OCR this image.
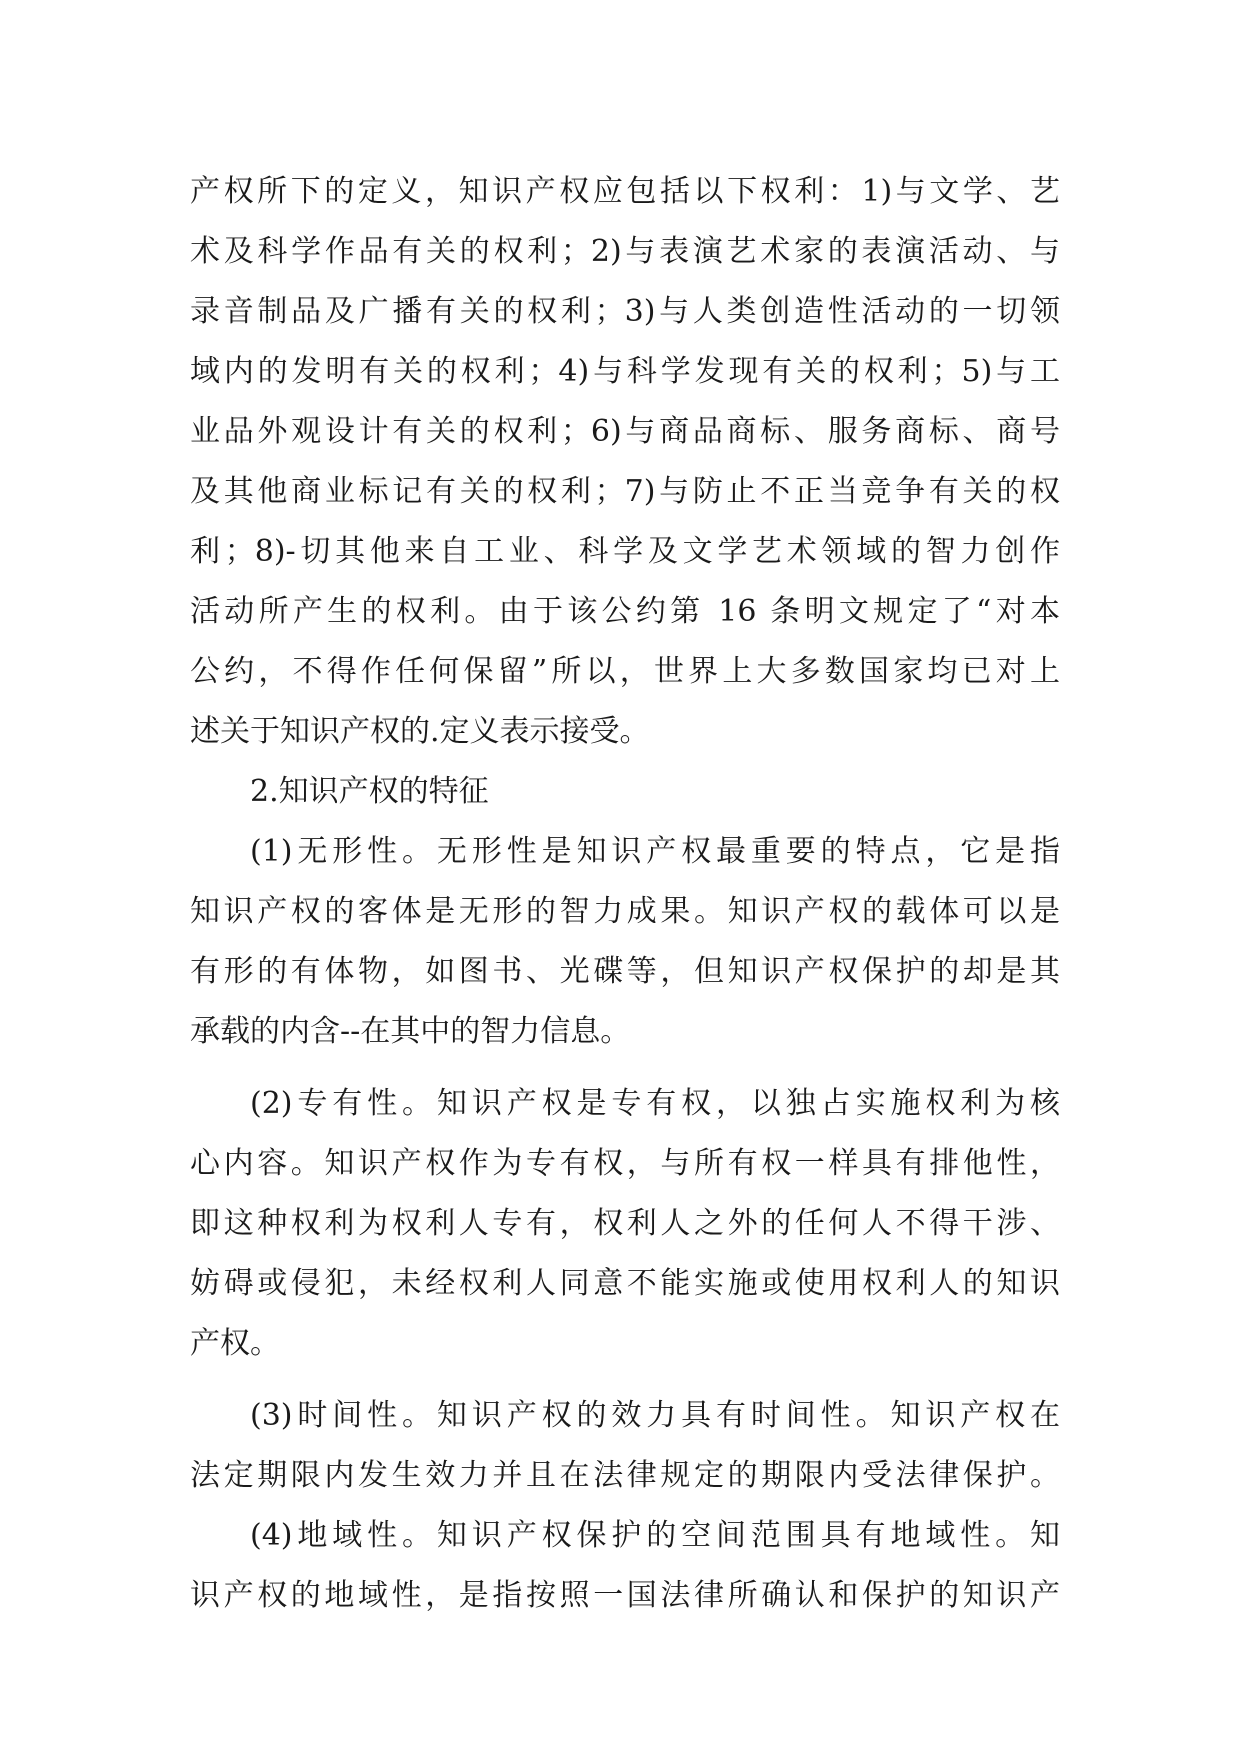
产权所下的定义，知识产权应包括以下权利：1)与文学、艺
术及科学作品有关的权利；2)与表演艺术家的表演活动、与
录音制品及广播有关的权利；3)与人类创造性活动的一切领
域内的发明有关的权利；4)与科学发现有关的权利；5)与工
业品外观设计有关的权利；6)与商品商标、服务商标、商号
及其他商业标记有关的权利；7)与防止不正当竞争有关的权
利；8)-切其他来自工业、科学及文学艺术领域的智力创作
活动所产生的权利。由于该公约第 16 条明文规定了“对本
公约，不得作任何保留”所以，世界上大多数国家均已对上
述关于知识产权的.定义表示接受。
2.知识产权的特征
(1)无形性。无形性是知识产权最重要的特点，它是指
知识产权的客体是无形的智力成果。知识产权的载体可以是
有形的有体物，如图书、光碟等，但知识产权保护的却是其
承载的内含--在其中的智力信息。
(2)专有性。知识产权是专有权，以独占实施权利为核
心内容。知识产权作为专有权，与所有权一样具有排他性，
即这种权利为权利人专有，权利人之外的任何人不得干涉、
妨碍或侵犯，未经权利人同意不能实施或使用权利人的知识
产权。
(3)时间性。知识产权的效力具有时间性。知识产权在
法定期限内发生效力并且在法律规定的期限内受法律保护。
(4)地域性。知识产权保护的空间范围具有地域性。知
识产权的地域性，是指按照一国法律所确认和保护的知识产
